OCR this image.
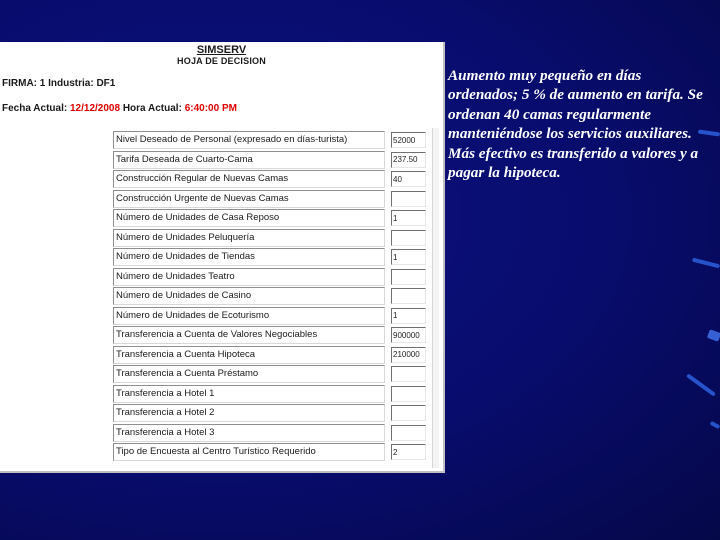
SIMSERV
HOJA DE DECISION
FIRMA: 1 Industria: DF1
Fecha Actual: 12/12/2008 Hora Actual: 6:40:00 PM
Nivel Deseado de Personal (expresado en días-turista)
52000
Tarifa Deseada de Cuarto-Cama
237.50
Construcción Regular de Nuevas Camas
40
Construcción Urgente de Nuevas Camas
Número de Unidades de Casa Reposo
1
Número de Unidades Peluquería
Número de Unidades de Tiendas
1
Número de Unidades Teatro
Número de Unidades de Casino
Número de Unidades de Ecoturismo
1
Transferencia a Cuenta de Valores Negociables
900000
Transferencia a Cuenta Hipoteca
210000
Transferencia a Cuenta Préstamo
Transferencia a Hotel 1
Transferencia a Hotel 2
Transferencia a Hotel 3
Tipo de Encuesta al Centro Turístico Requerido
2

Aumento muy pequeño en días ordenados; 5 % de aumento en tarifa. Se ordenan 40 camas regularmente manteniéndose los servicios auxiliares. Más efectivo es transferido a valores y a pagar la hipoteca.
